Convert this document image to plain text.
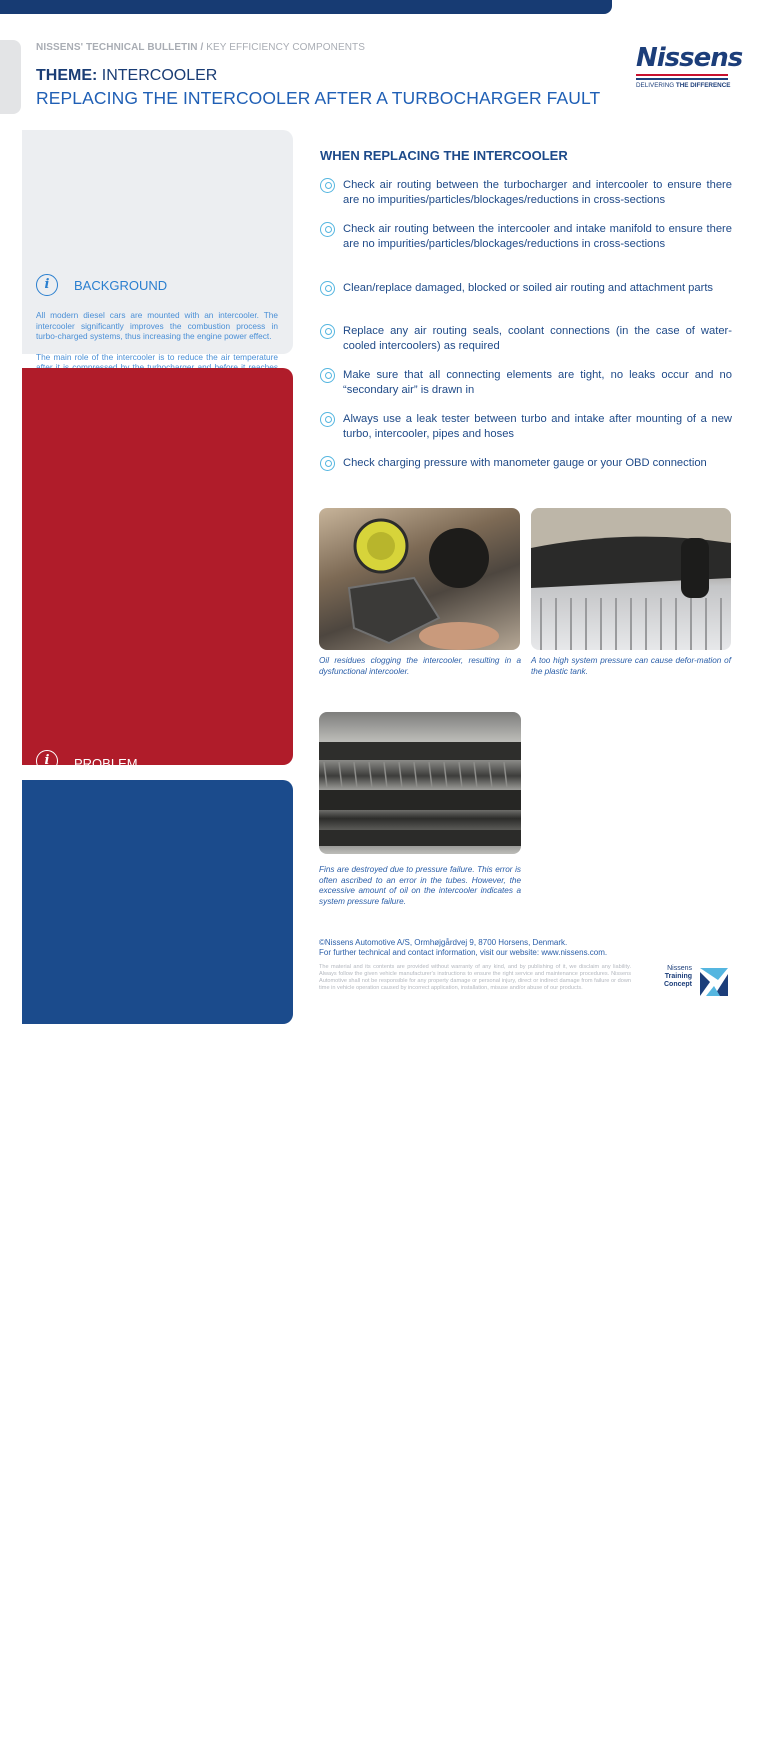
NISSENS' TECHNICAL BULLETIN / KEY EFFICIENCY COMPONENTS
THEME: INTERCOOLER
REPLACING THE INTERCOOLER AFTER A TURBOCHARGER FAULT
Nissens
DELIVERING THE DIFFERENCE
i	BACKGROUND

All modern diesel cars are mounted with an intercooler. The intercooler significantly improves the combustion process in turbo-charged systems, thus increasing the engine power effect.

The main role of the intercooler is to reduce the air temperature

i	PROBLEM

damaging the engine.

+	RECOMMENDED
SOLUTION

To avoid engine damage, an intercooler should always be replaced after a turbo has failed in order to ensure that the intercooler is free from any debris – such as oil, metal or other particles. When a new turbo has been installed, all system components must be thoroughly examined to ensure that they are not blocked by oil or metal debris.

No matter the reason for failure or replacement of the intercooler, the reason for the damage should always be thoroughly investigated before installing a new unit. The peripheral parts (turbocharger, crankcase ventilation, exhaust gas recirculation, air inlet to the turbocharger, exhaust system etc.) must be integrated in the troubleshooting process – otherwise a fault can re-occur.

WHEN REPLACING THE INTERCOOLER
Check air routing between the turbocharger and intercooler to ensure there are no impurities/particles/blockages/reductions in cross-sections
Check air routing between the intercooler and intake manifold to ensure there are no impurities/particles/blockages/reductions in cross-sections
Clean/replace damaged, blocked or soiled air routing and attachment parts
Replace any air routing seals, coolant connections (in the case of water-cooled intercoolers) as required
Make sure that all connecting elements are tight, no leaks occur and no “secondary air” is drawn in
Always use a leak tester between turbo and intake after mounting of a new turbo, intercooler, pipes and hoses
Check charging pressure with manometer gauge or your OBD connection
Oil residues clogging the intercooler, resulting in a dysfunctional intercooler.
A too high system pressure can cause defor-mation of the plastic tank.
Fins are destroyed due to pressure failure. This error is often ascribed to an error in the tubes. However, the excessive amount of oil on the intercooler indicates a system pressure failure.
©Nissens Automotive A/S, Ormhøjgårdvej 9, 8700 Horsens, Denmark.
For further technical and contact information, visit our website: www.nissens.com.
The material and its contents are provided without warranty of any kind, and by publishing of it, we disclaim any liability. Always follow the given vehicle manufacturer's instructions to ensure the right service and maintenance procedures. Nissens Automotive shall not be responsible for any property damage or personal injury, direct or indirect damage from failure or down time in vehicle operation caused by incorrect application, installation, misuse and/or abuse of our products.
Nissens
Training
Concept
